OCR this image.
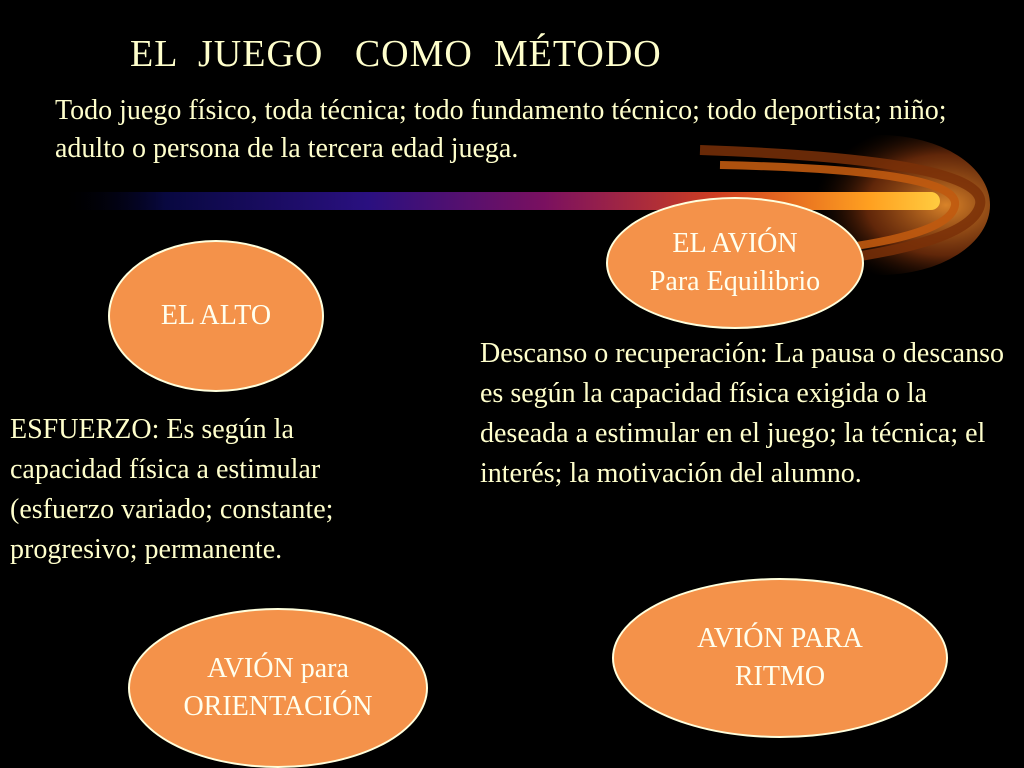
EL  JUEGO   COMO  MÉTODO
Todo juego físico, toda técnica; todo fundamento técnico; todo deportista; niño; adulto o persona de la tercera edad juega.
EL ALTO
EL AVIÓN
Para Equilibrio
AVIÓN para
ORIENTACIÓN
AVIÓN PARA
RITMO
ESFUERZO: Es según la capacidad física a estimular (esfuerzo variado; constante; progresivo; permanente.
Descanso o recuperación: La pausa o descanso es según la capacidad física exigida o la deseada a estimular en el juego; la técnica; el interés; la motivación del alumno.
